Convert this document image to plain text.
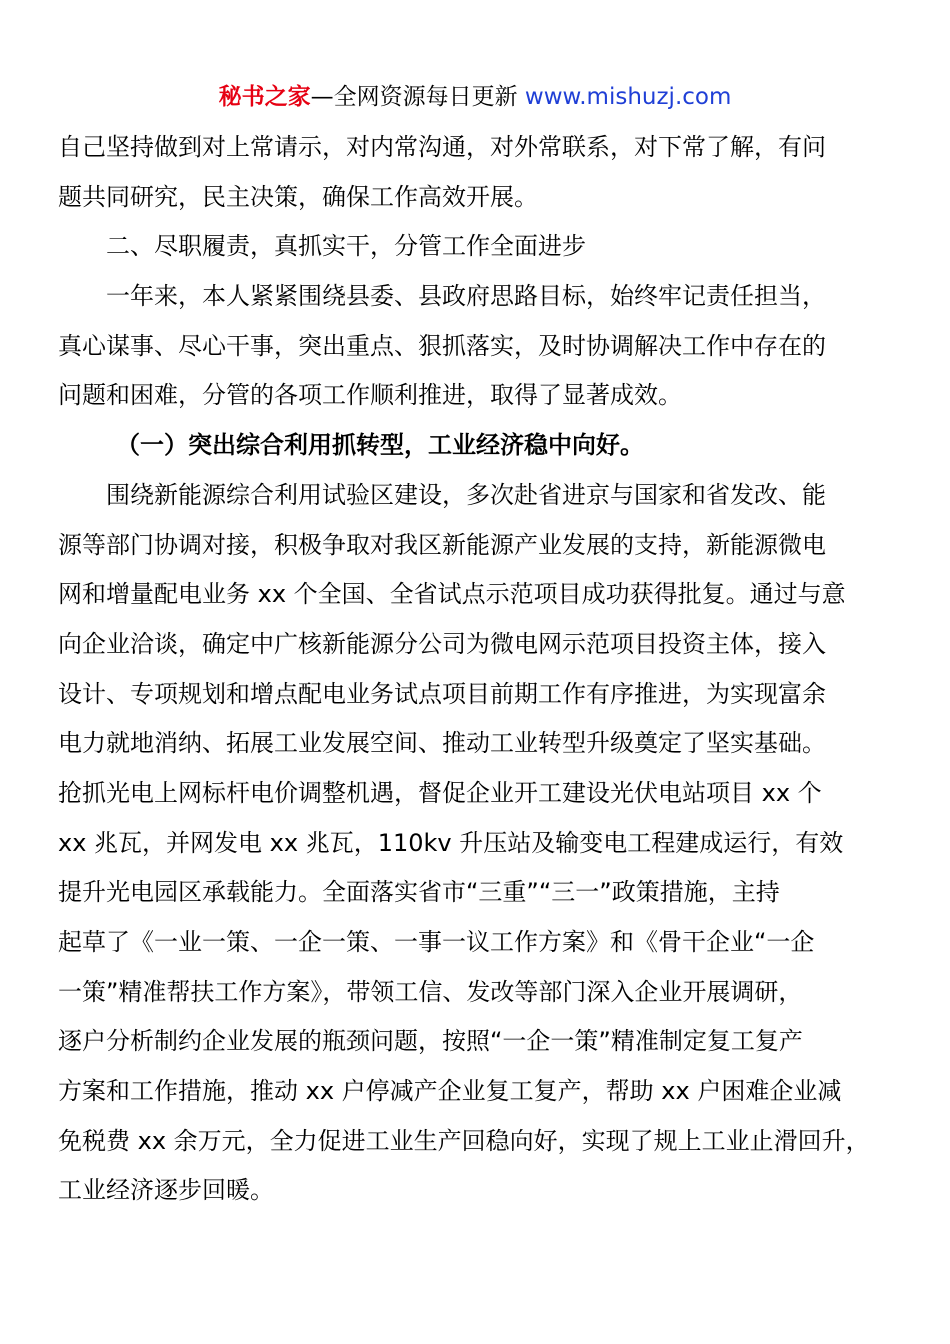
秘书之家—全网资源每日更新 www.mishuzj.com
自己坚持做到对上常请示，对内常沟通，对外常联系，对下常了解，有问
题共同研究，民主决策，确保工作高效开展。
二、尽职履责，真抓实干，分管工作全面进步
一年来，本人紧紧围绕县委、县政府思路目标，始终牢记责任担当，
真心谋事、尽心干事，突出重点、狠抓落实，及时协调解决工作中存在的
问题和困难，分管的各项工作顺利推进，取得了显著成效。
（一）突出综合利用抓转型，工业经济稳中向好。
围绕新能源综合利用试验区建设，多次赴省进京与国家和省发改、能
源等部门协调对接，积极争取对我区新能源产业发展的支持，新能源微电
网和增量配电业务 xx 个全国、全省试点示范项目成功获得批复。通过与意
向企业洽谈，确定中广核新能源分公司为微电网示范项目投资主体，接入
设计、专项规划和增点配电业务试点项目前期工作有序推进，为实现富余
电力就地消纳、拓展工业发展空间、推动工业转型升级奠定了坚实基础。
抢抓光电上网标杆电价调整机遇，督促企业开工建设光伏电站项目 xx 个
xx 兆瓦，并网发电 xx 兆瓦，110kv 升压站及输变电工程建成运行，有效
提升光电园区承载能力。全面落实省市“三重”“三一”政策措施，主持
起草了《一业一策、一企一策、一事一议工作方案》和《骨干企业“一企
一策”精准帮扶工作方案》，带领工信、发改等部门深入企业开展调研，
逐户分析制约企业发展的瓶颈问题，按照“一企一策”精准制定复工复产
方案和工作措施，推动 xx 户停减产企业复工复产，帮助 xx 户困难企业减
免税费 xx 余万元，全力促进工业生产回稳向好，实现了规上工业止滑回升，
工业经济逐步回暖。
